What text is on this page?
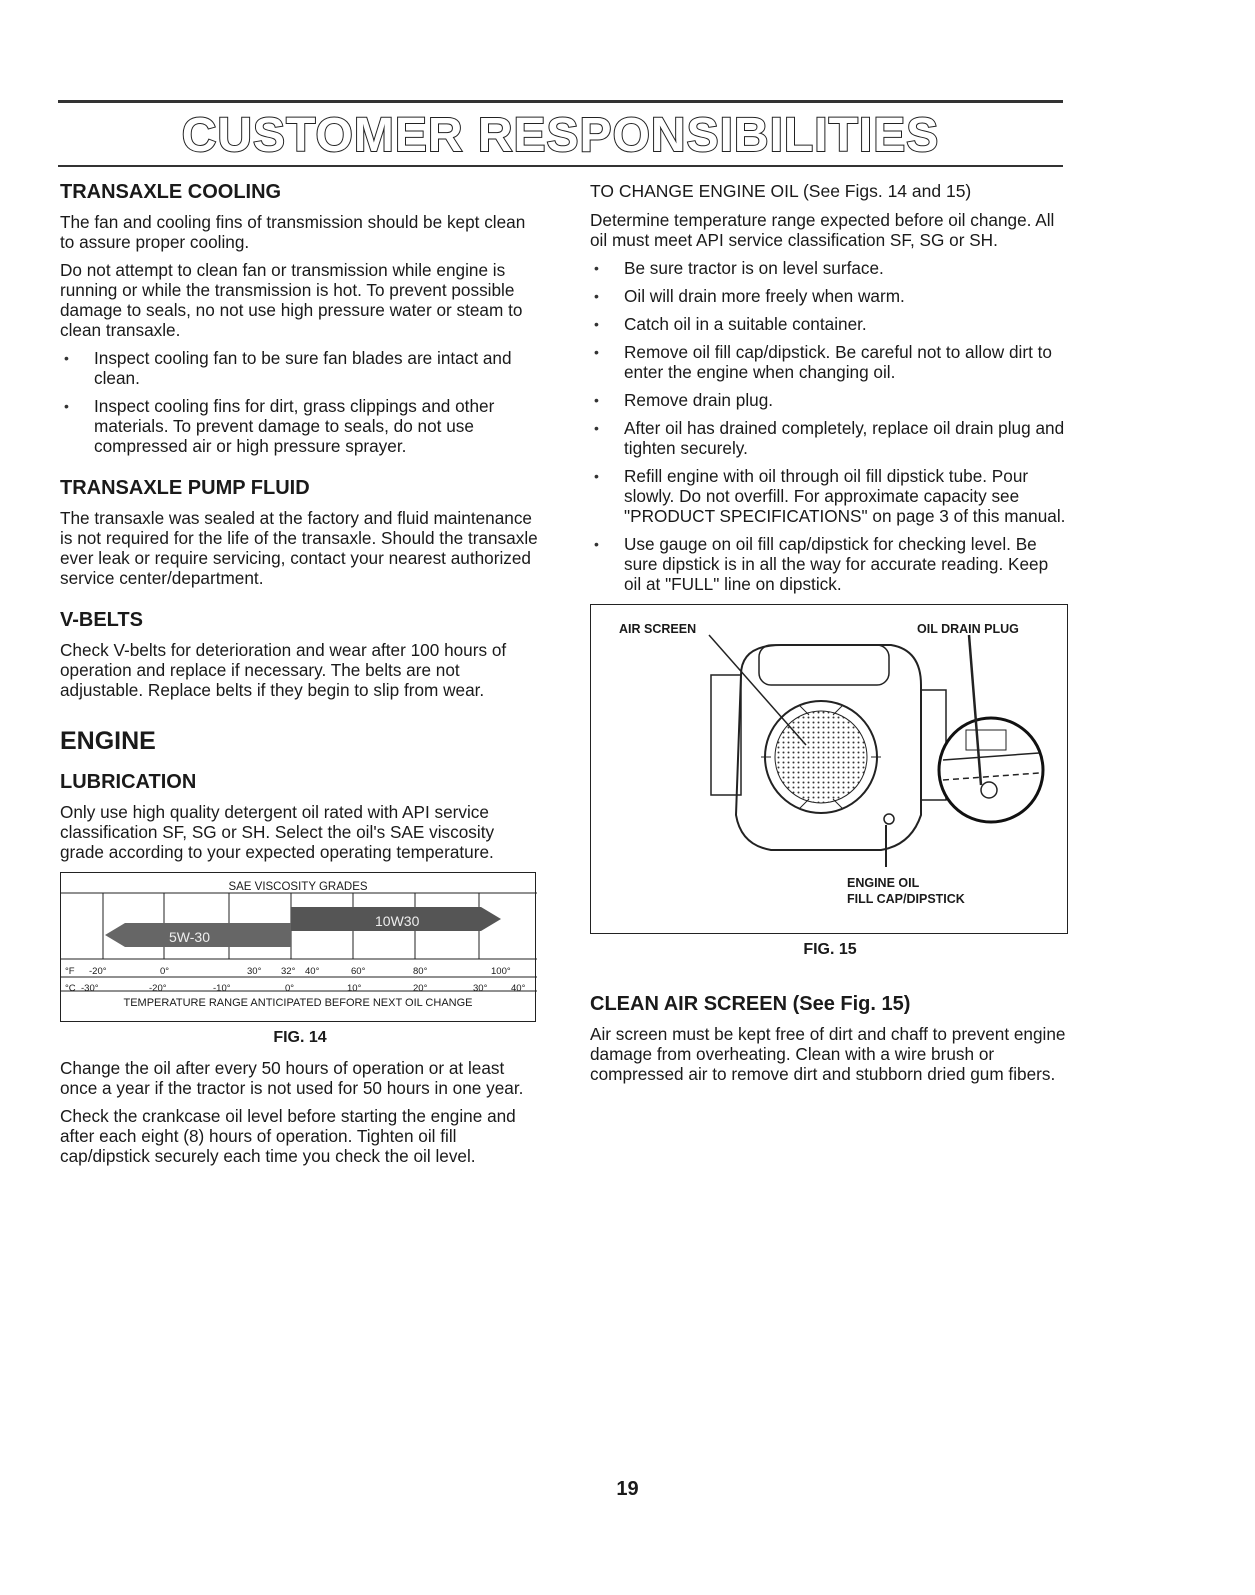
CUSTOMER RESPONSIBILITIES
TRANSAXLE COOLING

The fan and cooling fins of transmission should be kept clean to assure proper cooling.

Do not attempt to clean fan or transmission while engine is running or while the transmission is hot. To prevent possible damage to seals, no not use high pressure water or steam to clean transaxle.

• Inspect cooling fan to be sure fan blades are intact and clean.
• Inspect cooling fins for dirt, grass clippings and other materials. To prevent damage to seals, do not use compressed air or high pressure sprayer.
TRANSAXLE PUMP FLUID

The transaxle was sealed at the factory and fluid maintenance is not required for the life of the transaxle. Should the transaxle ever leak or require servicing, contact your nearest authorized service center/department.

V-BELTS

Check V-belts for deterioration and wear after 100 hours of operation and replace if necessary. The belts are not adjustable. Replace belts if they begin to slip from wear.

ENGINE
LUBRICATION

Only use high quality detergent oil rated with API service classification SF, SG or SH. Select the oil's SAE viscosity grade according to your expected operating temperature.

SAE VISCOSITY GRADES
10W30
5W-30
°F -20°	0°	30° 32° 40°	60°	80°	100°
°C -30°	-20°	-10°	0°	10°	20°	30° 40°
TEMPERATURE RANGE ANTICIPATED BEFORE NEXT OIL CHANGE
FIG. 14

Change the oil after every 50 hours of operation or at least once a year if the tractor is not used for 50 hours in one year.

Check the crankcase oil level before starting the engine and after each eight (8) hours of operation. Tighten oil fill cap/dipstick securely each time you check the oil level.

TO CHANGE ENGINE OIL (See Figs. 14 and 15)

Determine temperature range expected before oil change. All oil must meet API service classification SF, SG or SH.

• Be sure tractor is on level surface.
• Oil will drain more freely when warm.
• Catch oil in a suitable container.
• Remove oil fill cap/dipstick. Be careful not to allow dirt to enter the engine when changing oil.
• Remove drain plug.
• After oil has drained completely, replace oil drain plug and tighten securely.
• Refill engine with oil through oil fill dipstick tube. Pour slowly. Do not overfill. For approximate capacity see "PRODUCT SPECIFICATIONS" on page 3 of this manual.
• Use gauge on oil fill cap/dipstick for checking level. Be sure dipstick is in all the way for accurate reading. Keep oil at "FULL" line on dipstick.
AIR SCREEN	OIL DRAIN PLUG
ENGINE OIL
FILL CAP/DIPSTICK
FIG. 15
CLEAN AIR SCREEN (See Fig. 15)

Air screen must be kept free of dirt and chaff to prevent engine damage from overheating. Clean with a wire brush or compressed air to remove dirt and stubborn dried gum fibers.

19
